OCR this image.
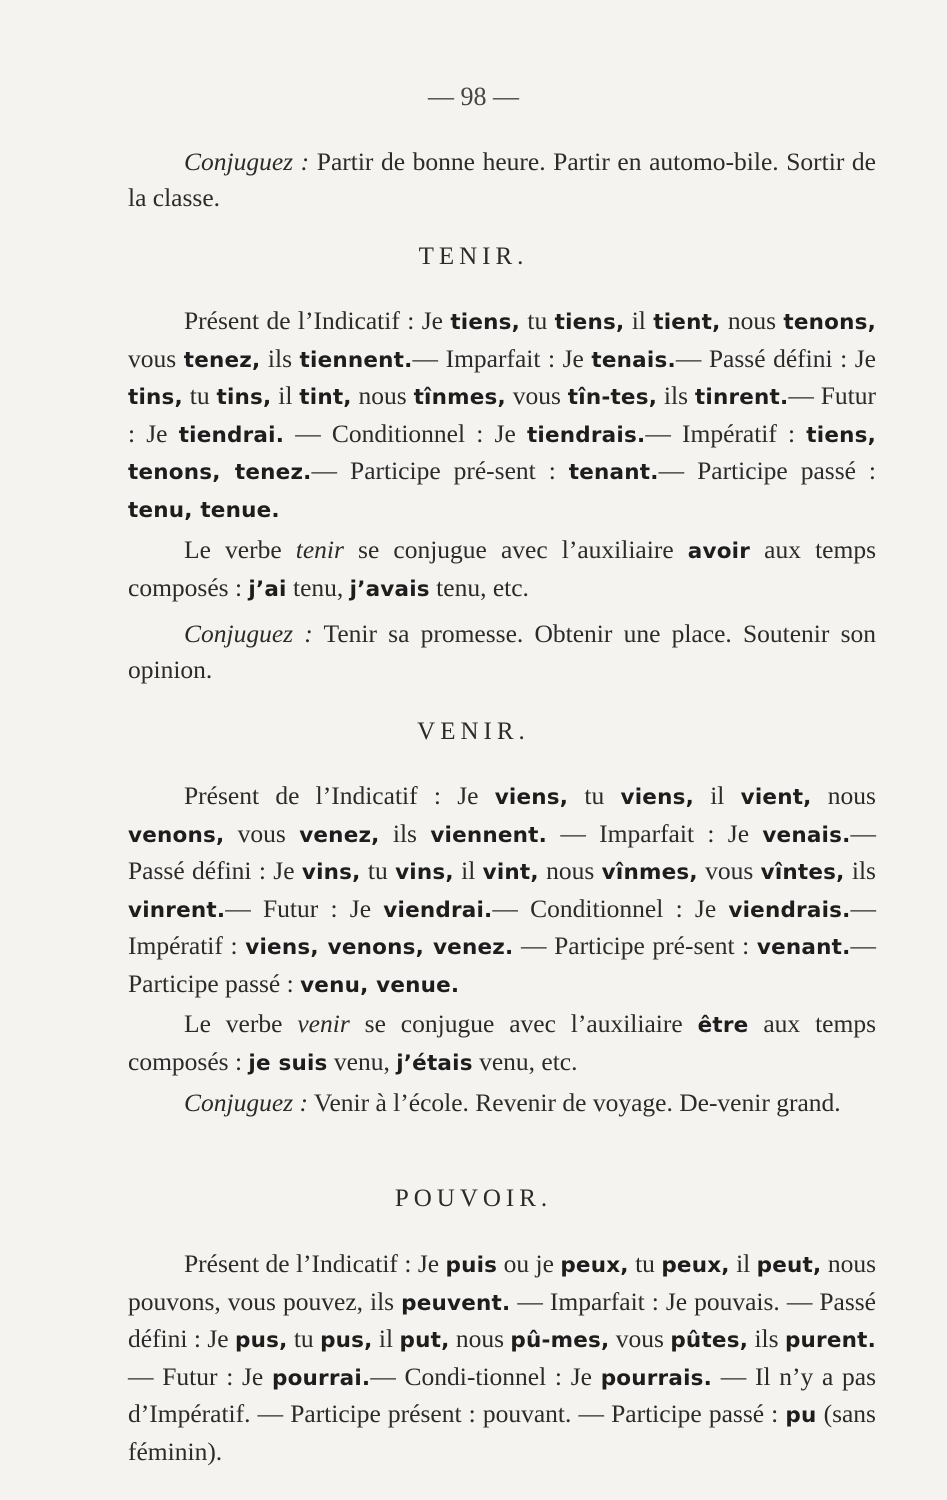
— 98 —

Conjuguez : Partir de bonne heure. Partir en automo-bile. Sortir de la classe.

TENIR.

Présent de l’Indicatif : Je tiens, tu tiens, il tient, nous tenons, vous tenez, ils tiennent.— Imparfait : Je tenais.— Passé défini : Je tins, tu tins, il tint, nous tînmes, vous tîn-tes, ils tinrent.— Futur : Je tiendrai. — Conditionnel : Je tiendrais.— Impératif : tiens, tenons, tenez.— Participe pré-sent : tenant.— Participe passé : tenu, tenue.

Le verbe tenir se conjugue avec l’auxiliaire avoir aux temps composés : j’ai tenu, j’avais tenu, etc.

Conjuguez : Tenir sa promesse. Obtenir une place. Soutenir son opinion.

VENIR.

Présent de l’Indicatif : Je viens, tu viens, il vient, nous venons, vous venez, ils viennent. — Imparfait : Je venais.— Passé défini : Je vins, tu vins, il vint, nous vînmes, vous vîntes, ils vinrent.— Futur : Je viendrai.— Conditionnel : Je viendrais.— Impératif : viens, venons, venez. — Participe pré-sent : venant.— Participe passé : venu, venue.

Le verbe venir se conjugue avec l’auxiliaire être aux temps composés : je suis venu, j’étais venu, etc.

Conjuguez : Venir à l’école. Revenir de voyage. De-venir grand.

POUVOIR.

Présent de l’Indicatif : Je puis ou je peux, tu peux, il peut, nous pouvons, vous pouvez, ils peuvent. — Imparfait : Je pouvais. — Passé défini : Je pus, tu pus, il put, nous pû-mes, vous pûtes, ils purent.— Futur : Je pourrai.— Condi-tionnel : Je pourrais. — Il n’y a pas d’Impératif. — Participe présent : pouvant. — Participe passé : pu (sans féminin).
